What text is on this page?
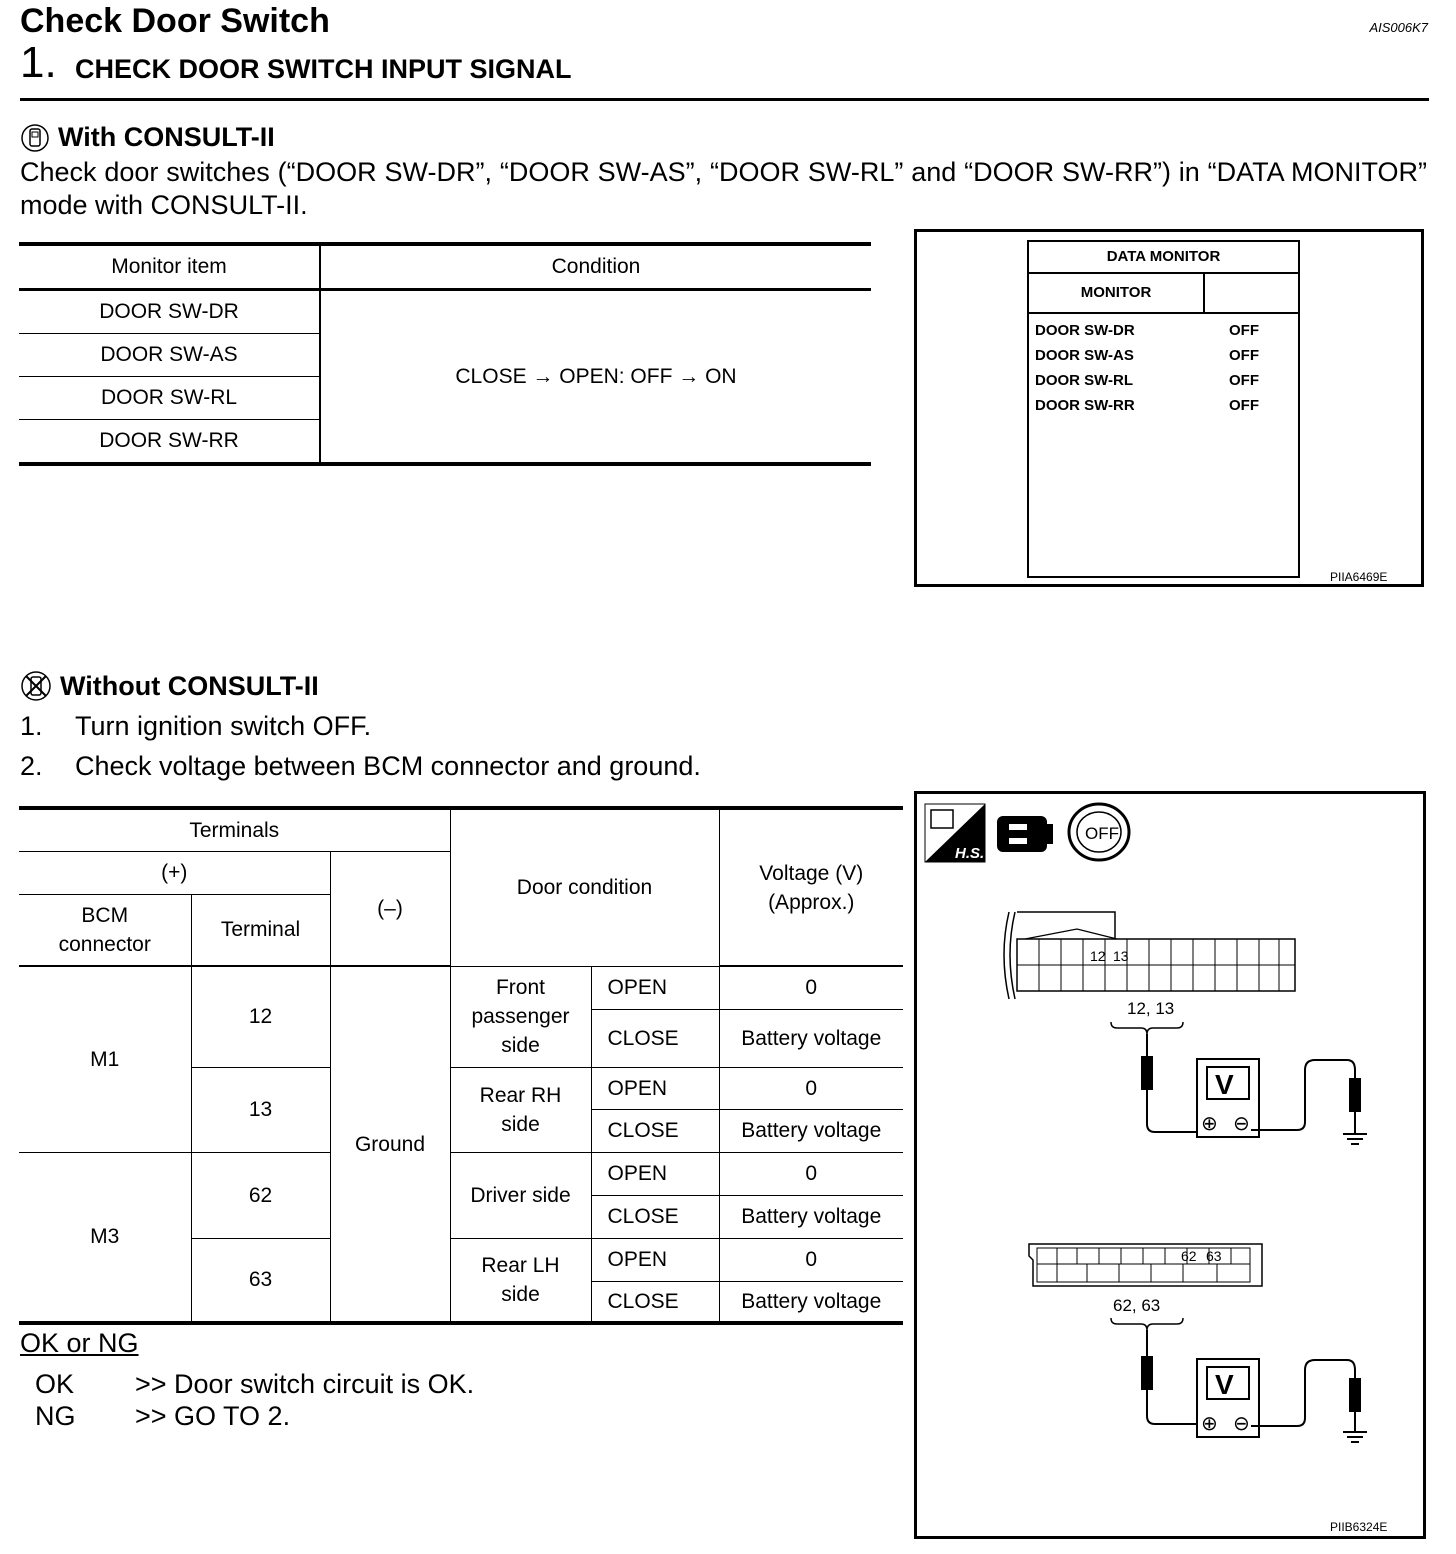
Check Door Switch	AIS006K7
1. CHECK DOOR SWITCH INPUT SIGNAL
With CONSULT-II
Check door switches (“DOOR SW-DR”, “DOOR SW-AS”, “DOOR SW-RL” and “DOOR SW-RR”) in “DATA MONITOR” mode with CONSULT-II.
Monitor item	Condition
DOOR SW-DR	CLOSE → OPEN: OFF → ON
DOOR SW-AS	
DOOR SW-RL	
DOOR SW-RR	
DATA MONITOR
MONITOR
DOOR SW-DR	OFF
DOOR SW-AS	OFF
DOOR SW-RL	OFF
DOOR SW-RR	OFF
PIIA6469E
Without CONSULT-II
1. Turn ignition switch OFF.
2. Check voltage between BCM connector and ground.
Terminals			Door condition		Voltage (V) (Approx.)

(+)		(–)			

BCM connector	Terminal				
M1	12	Ground	Front passenger side	OPEN	0
				CLOSE	Battery voltage
	13		Rear RH side	OPEN	0
				CLOSE	Battery voltage
M3	62		Driver side	OPEN	0
				CLOSE	Battery voltage
	63		Rear LH side	OPEN	0
				CLOSE	Battery voltage
OK or NG
OK >> Door switch circuit is OK.
NG >> GO TO 2.
H.S.
OFF
12 13
12, 13
V
⊕ ⊖
62 63
62, 63
V
⊕ ⊖
PIIB6324E
